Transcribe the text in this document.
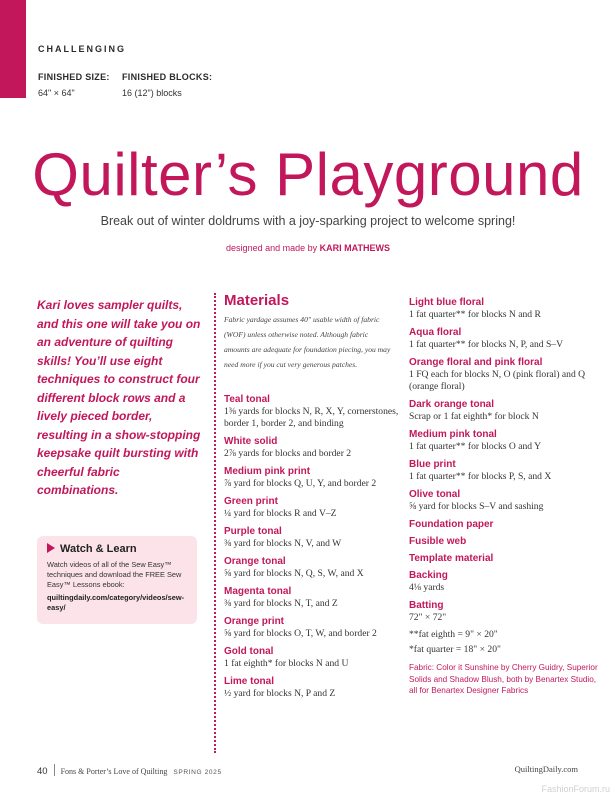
CHALLENGING
FINISHED SIZE:
64" × 64"
FINISHED BLOCKS:
16 (12") blocks
Quilter’s Playground
Break out of winter doldrums with a joy-sparking project to welcome spring!
designed and made by KARI MATHEWS
Kari loves sampler quilts, and this one will take you on an adventure of quilting skills! You’ll use eight techniques to construct four different block rows and a lively pieced border, resulting in a show-stopping keepsake quilt bursting with cheerful fabric combinations.
Watch & Learn
Watch videos of all of the Sew Easy™ techniques and download the FREE Sew Easy™ Lessons ebook:
quiltingdaily.com/category/videos/sew-easy/
Materials
Fabric yardage assumes 40" usable width of fabric (WOF) unless otherwise noted. Although fabric amounts are adequate for foundation piecing, you may need more if you cut very generous patches.
Teal tonal
1⅜ yards for blocks N, R, X, Y, cornerstones, border 1, border 2, and binding
White solid
2⅞ yards for blocks and border 2
Medium pink print
⅞ yard for blocks Q, U, Y, and border 2
Green print
¼ yard for blocks R and V–Z
Purple tonal
⅜ yard for blocks N, V, and W
Orange tonal
⅝ yard for blocks N, Q, S, W, and X
Magenta tonal
⅜ yard for blocks N, T, and Z
Orange print
⅝ yard for blocks O, T, W, and border 2
Gold tonal
1 fat eighth* for blocks N and U
Lime tonal
½ yard for blocks N, P and Z
Light blue floral
1 fat quarter** for blocks N and R
Aqua floral
1 fat quarter** for blocks N, P, and S–V
Orange floral and pink floral
1 FQ each for blocks N, O (pink floral) and Q (orange floral)
Dark orange tonal
Scrap or 1 fat eighth* for block N
Medium pink tonal
1 fat quarter** for blocks O and Y
Blue print
1 fat quarter** for blocks P, S, and X
Olive tonal
⅝ yard for blocks S–V and sashing
Foundation paper
Fusible web
Template material
Backing
4⅛ yards
Batting
72" × 72"
**fat eighth = 9" × 20"
*fat quarter = 18" × 20"
Fabric: Color it Sunshine by Cherry Guidry, Superior Solids and Shadow Blush, both by Benartex Studio, all for Benartex Designer Fabrics
40 Fons & Porter’s Love of Quilting SPRING 2025	QuiltingDaily.com
FashionForum.ru
